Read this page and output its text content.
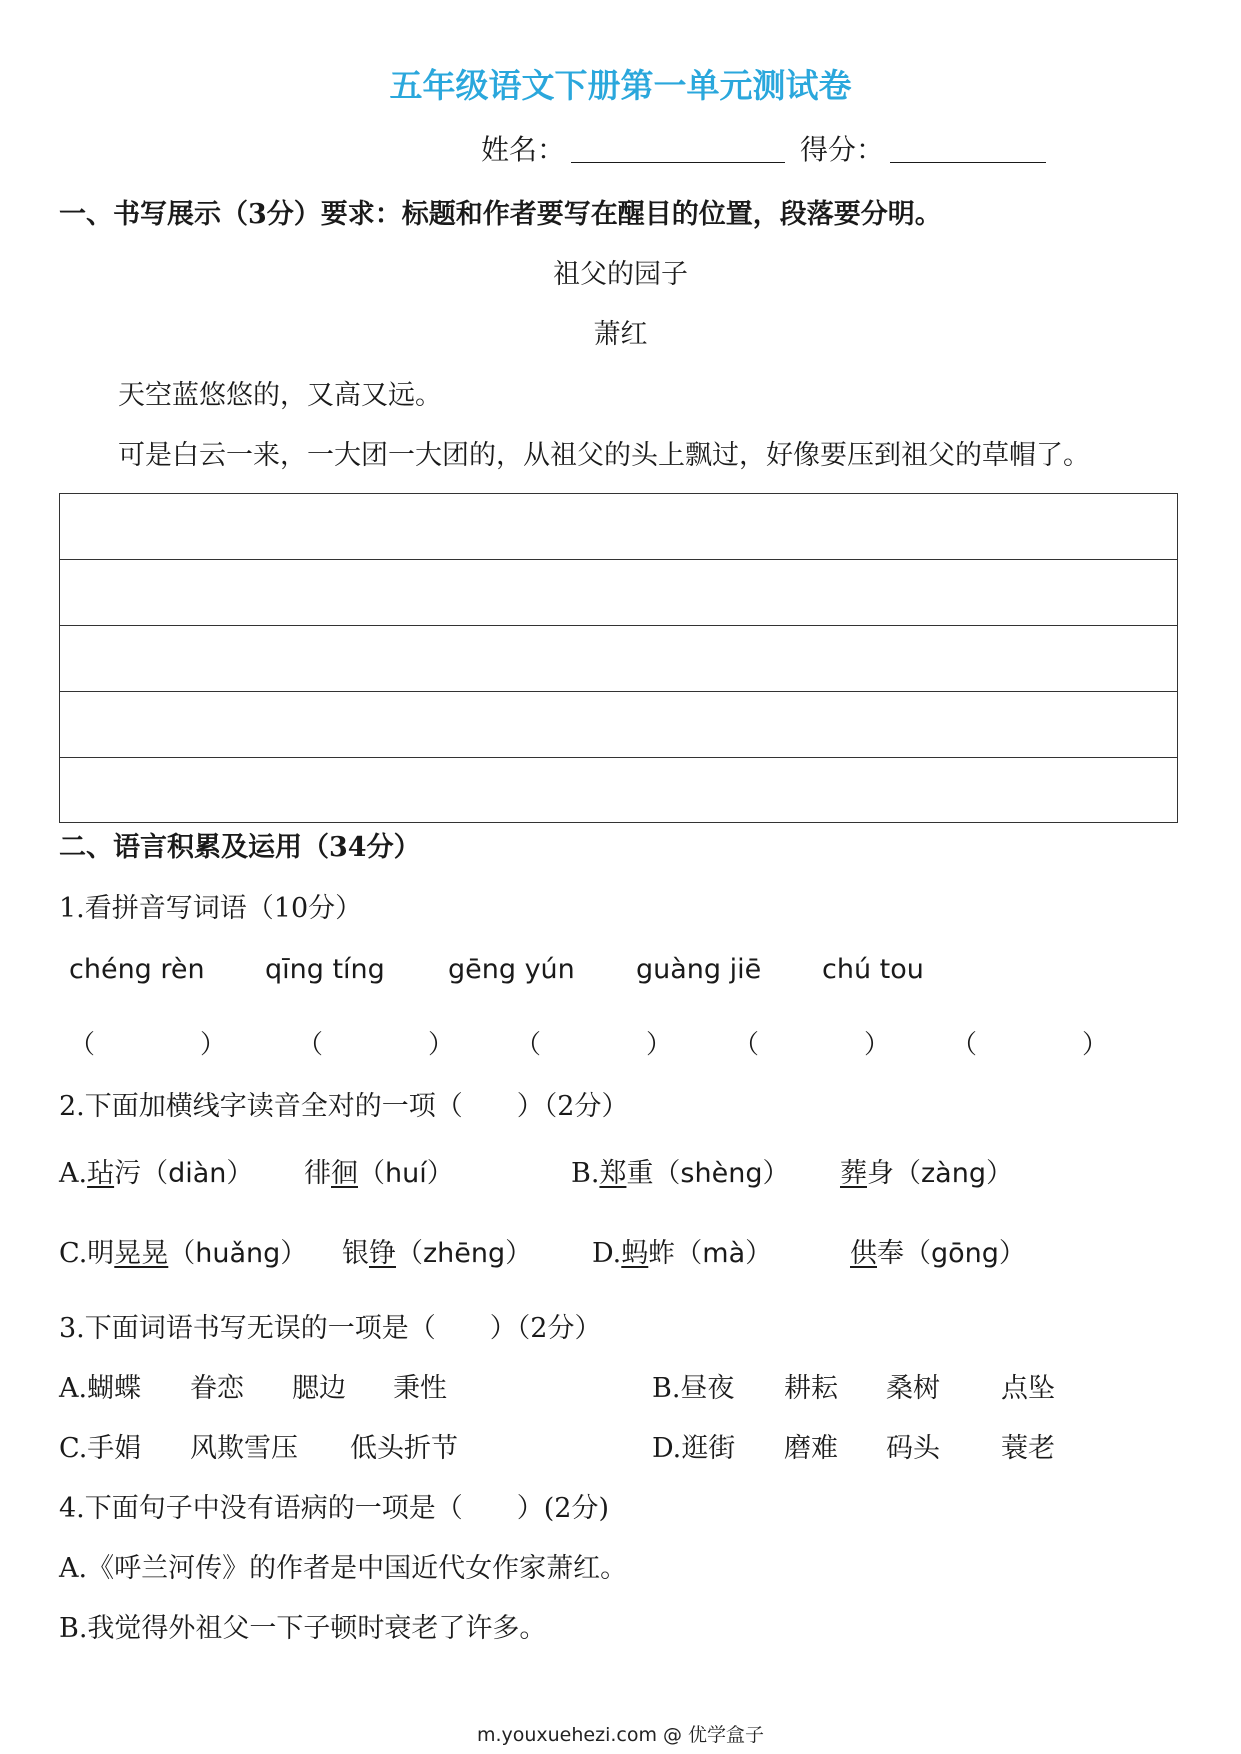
五年级语文下册第一单元测试卷
姓名：	得分：
一、书写展示（3分）要求：标题和作者要写在醒目的位置，段落要分明。
祖父的园子
萧红
天空蓝悠悠的，又高又远。
可是白云一来，一大团一大团的，从祖父的头上飘过，好像要压到祖父的草帽了。
二、语言积累及运用（34分）
1.看拼音写词语（10分）
chéng rèn qīng tíng gēng yún guàng jiē chú tou
（	）	（	） （	） （	） （	）
2.下面加横线字读音全对的一项（　　）（2分）
A.玷污（diàn） 徘徊（huí）	B.郑重（shèng） 葬身（zàng）
C.明晃晃（huǎng） 银铮（zhēng） D.蚂蚱（mà）	供奉（gōng）
3.下面词语书写无误的一项是（　　）（2分）
A.蝴蝶 眷恋 腮边 秉性	B.昼夜 耕耘 桑树 点坠
C.手娟 风欺雪压 低头折节	D.逛街 磨难 码头 蓑老
4.下面句子中没有语病的一项是（　　）(2分)
A.《呼兰河传》的作者是中国近代女作家萧红。
B.我觉得外祖父一下子顿时衰老了许多。
m.youxuehezi.com @ 优学盒子
